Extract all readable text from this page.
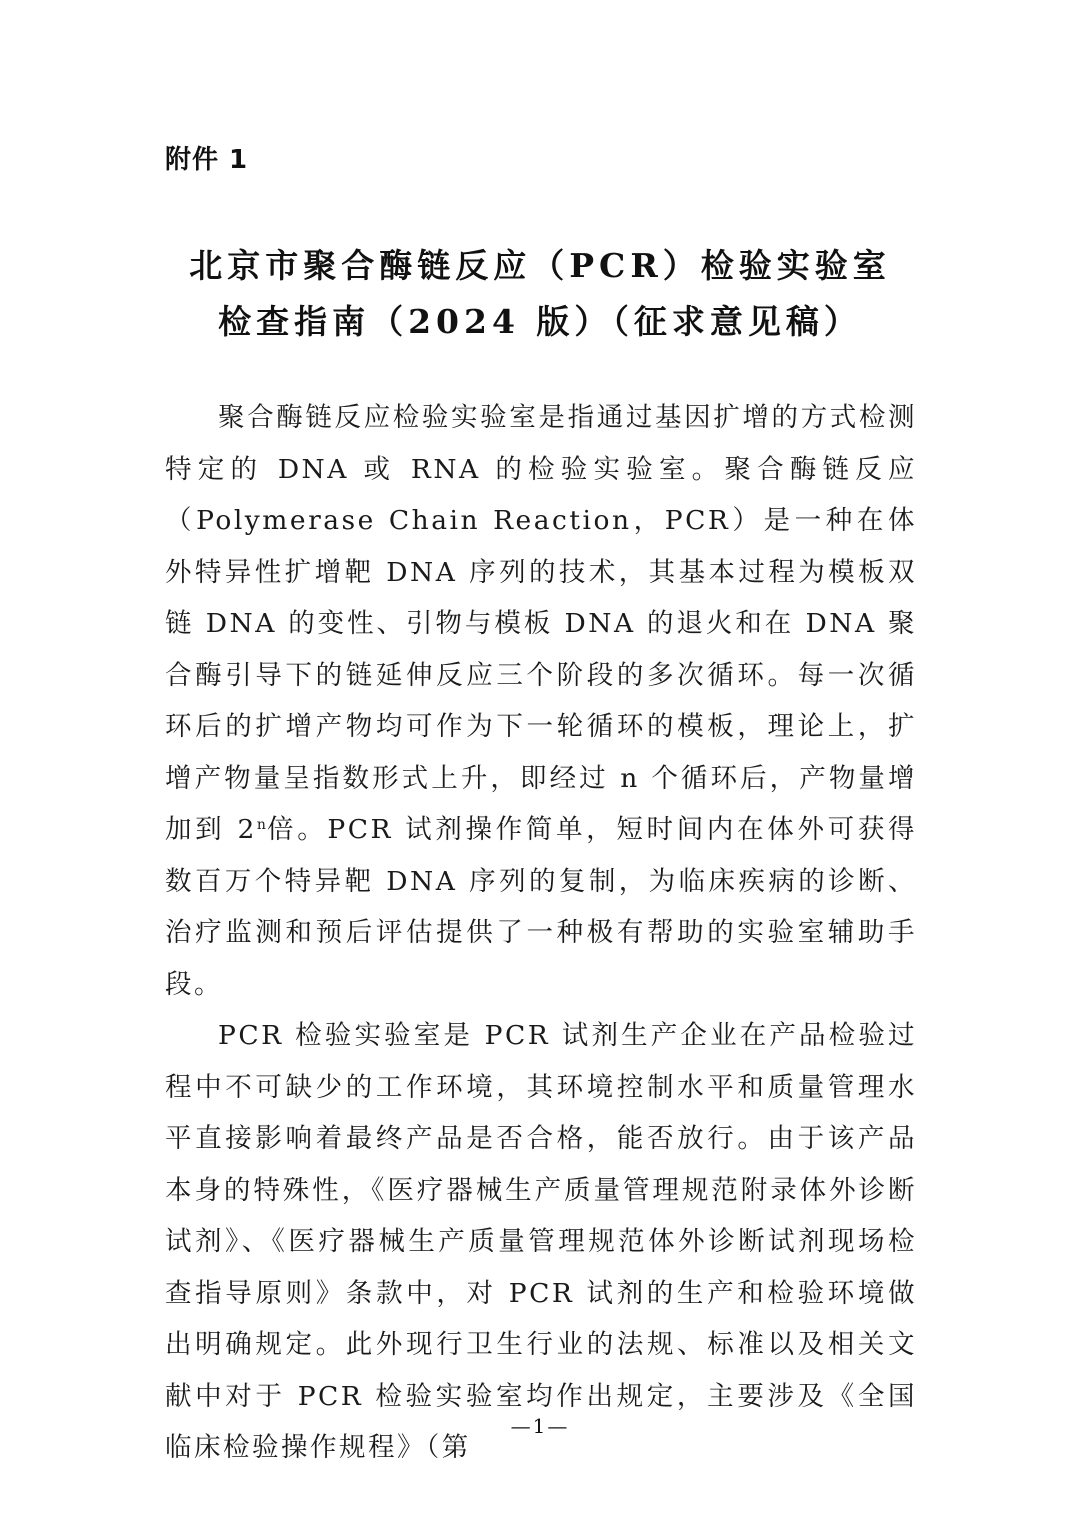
附件 1
北京市聚合酶链反应（PCR）检验实验室
检查指南（2024 版）（征求意见稿）

聚合酶链反应检验实验室是指通过基因扩增的方式检测特定的 DNA 或 RNA 的检验实验室。聚合酶链反应（Polymerase Chain Reaction，PCR）是一种在体外特异性扩增靶 DNA 序列的技术，其基本过程为模板双链 DNA 的变性、引物与模板 DNA 的退火和在 DNA 聚合酶引导下的链延伸反应三个阶段的多次循环。每一次循环后的扩增产物均可作为下一轮循环的模板，理论上，扩增产物量呈指数形式上升，即经过 n 个循环后，产物量增加到 2$^n$倍。PCR 试剂操作简单，短时间内在体外可获得数百万个特异靶 DNA 序列的复制，为临床疾病的诊断、治疗监测和预后评估提供了一种极有帮助的实验室辅助手段。

PCR 检验实验室是 PCR 试剂生产企业在产品检验过程中不可缺少的工作环境，其环境控制水平和质量管理水平直接影响着最终产品是否合格，能否放行。由于该产品本身的特殊性，《医疗器械生产质量管理规范附录体外诊断试剂》、《医疗器械生产质量管理规范体外诊断试剂现场检查指导原则》条款中，对 PCR 试剂的生产和检验环境做出明确规定。此外现行卫生行业的法规、标准以及相关文献中对于 PCR 检验实验室均作出规定，主要涉及《全国临床检验操作规程》（第

—1—
